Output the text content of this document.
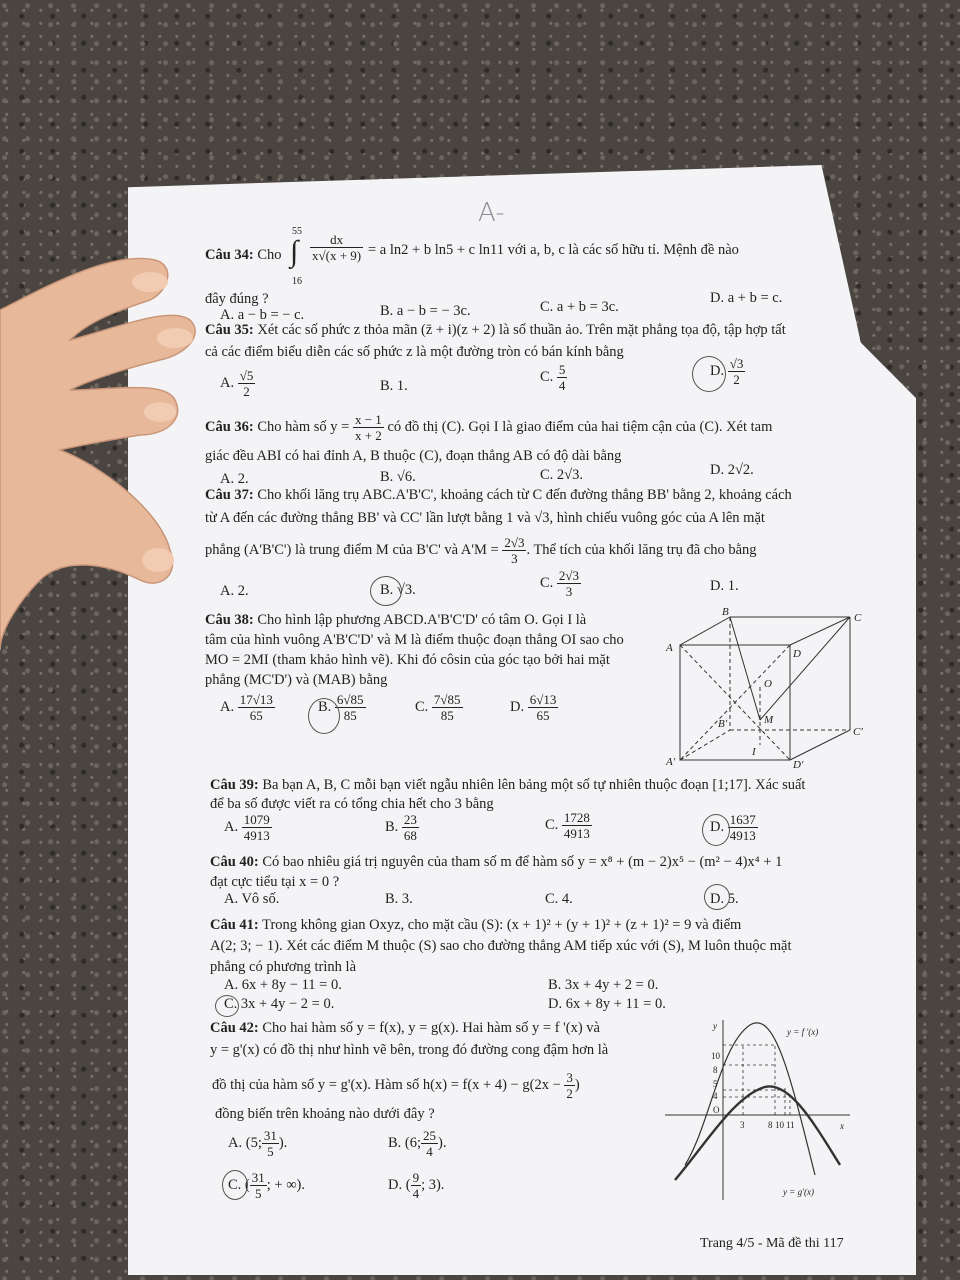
A-
Câu 34: Cho ∫
55
16
$\frac{dx}{x√(x + 9)} = a$ ln2 + b ln5 + c ln11 với a, b, c là các số hữu tỉ. Mệnh đề nào
đây đúng ?
A. a − b = − c.	B. a − b = − 3c.	C. a + b = 3c.
D. a + b = c.
Câu 35: Xét các số phức z thỏa mãn (z̄ + i)(z + 2) là số thuần ảo. Trên mặt phẳng tọa độ, tập hợp tất
cả các điểm biểu diễn các số phức z là một đường tròn có bán kính bằng
A. $\frac{√5}{2}$	B. 1.
C. $\frac{5}{4}$	D. $\frac{√3}{2}$
Câu 36: Cho hàm số $y = \frac{x - 1}{x + 2}$ có đồ thị (C). Gọi I là giao điểm của hai tiệm cận của (C). Xét tam
giác đều ABI có hai đỉnh A, B thuộc (C), đoạn thẳng AB có độ dài bằng
A. 2.	B. √6.	C. 2√3.	D. 2√2.
Câu 37: Cho khối lăng trụ ABC.A'B'C', khoảng cách từ C đến đường thẳng BB' bằng 2, khoảng cách
từ A đến các đường thẳng BB' và CC' lần lượt bằng 1 và √3, hình chiếu vuông góc của A lên mặt
phẳng (A'B'C') là trung điểm M của B'C' và $A'M = \frac{2√3}{3}$ . Thể tích của khối lăng trụ đã cho bằng
A. 2.	B. √3.	C. $\frac{2√3}{3}$	D. 1.
Câu 38: Cho hình lập phương ABCD.A'B'C'D' có tâm O. Gọi I là
tâm của hình vuông A'B'C'D' và M là điểm thuộc đoạn thẳng OI sao cho
MO = 2MI (tham khảo hình vẽ). Khi đó côsin của góc tạo bởi hai mặt
phẳng (MC'D') và (MAB) bằng
A. $\frac{17√13}{65}$	B. $\frac{6√85}{85}$	C. $\frac{7√85}{85}$	D. $\frac{6√13}{65}$
B	C
A	D
O
M
B'
I
C'
A'	D'
Câu 39: Ba bạn A, B, C mỗi bạn viết ngẫu nhiên lên bảng một số tự nhiên thuộc đoạn [1;17]. Xác suất
để ba số được viết ra có tổng chia hết cho 3 bằng
A. $\frac{1079}{4913}$	B. $\frac{23}{68}$	C. $\frac{1728}{4913}$	D. $\frac{1637}{4913}$
Câu 40: Có bao nhiêu giá trị nguyên của tham số m để hàm số y = x⁸ + (m − 2)x⁵ − (m² − 4)x⁴ + 1
đạt cực tiểu tại x = 0 ?
A. Vô số.	B. 3.	C. 4.	D. 5.
Câu 41: Trong không gian Oxyz, cho mặt cầu (S): (x + 1)² + (y + 1)² + (z + 1)² = 9 và điểm
A(2; 3; − 1). Xét các điểm M thuộc (S) sao cho đường thẳng AM tiếp xúc với (S), M luôn thuộc mặt
phẳng có phương trình là
A. 6x + 8y − 11 = 0.	B. 3x + 4y + 2 = 0.
C. 3x + 4y − 2 = 0.	D. 6x + 8y + 11 = 0.
Câu 42: Cho hai hàm số y = f(x), y = g(x). Hai hàm số y = f '(x) và
y = g'(x) có đồ thị như hình vẽ bên, trong đó đường cong đậm hơn là
đồ thị của hàm số y = g'(x). Hàm số $h(x) = f(x + 4) - g(2x - \frac{3}{2}$ )
đồng biến trên khoảng nào dưới đây ?
A. (5; $\frac{31}{5}$ ).	B. (6; $\frac{25}{4}$ ).
C. ( $\frac{31}{5}$ ; + ∞).	D. ( $\frac{9}{4}$ ; 3).
y
x
O
10
8
5
4
3	8 10 11
y = f '(x)
y = g'(x)
Trang 4/5 - Mã đề thi 117
